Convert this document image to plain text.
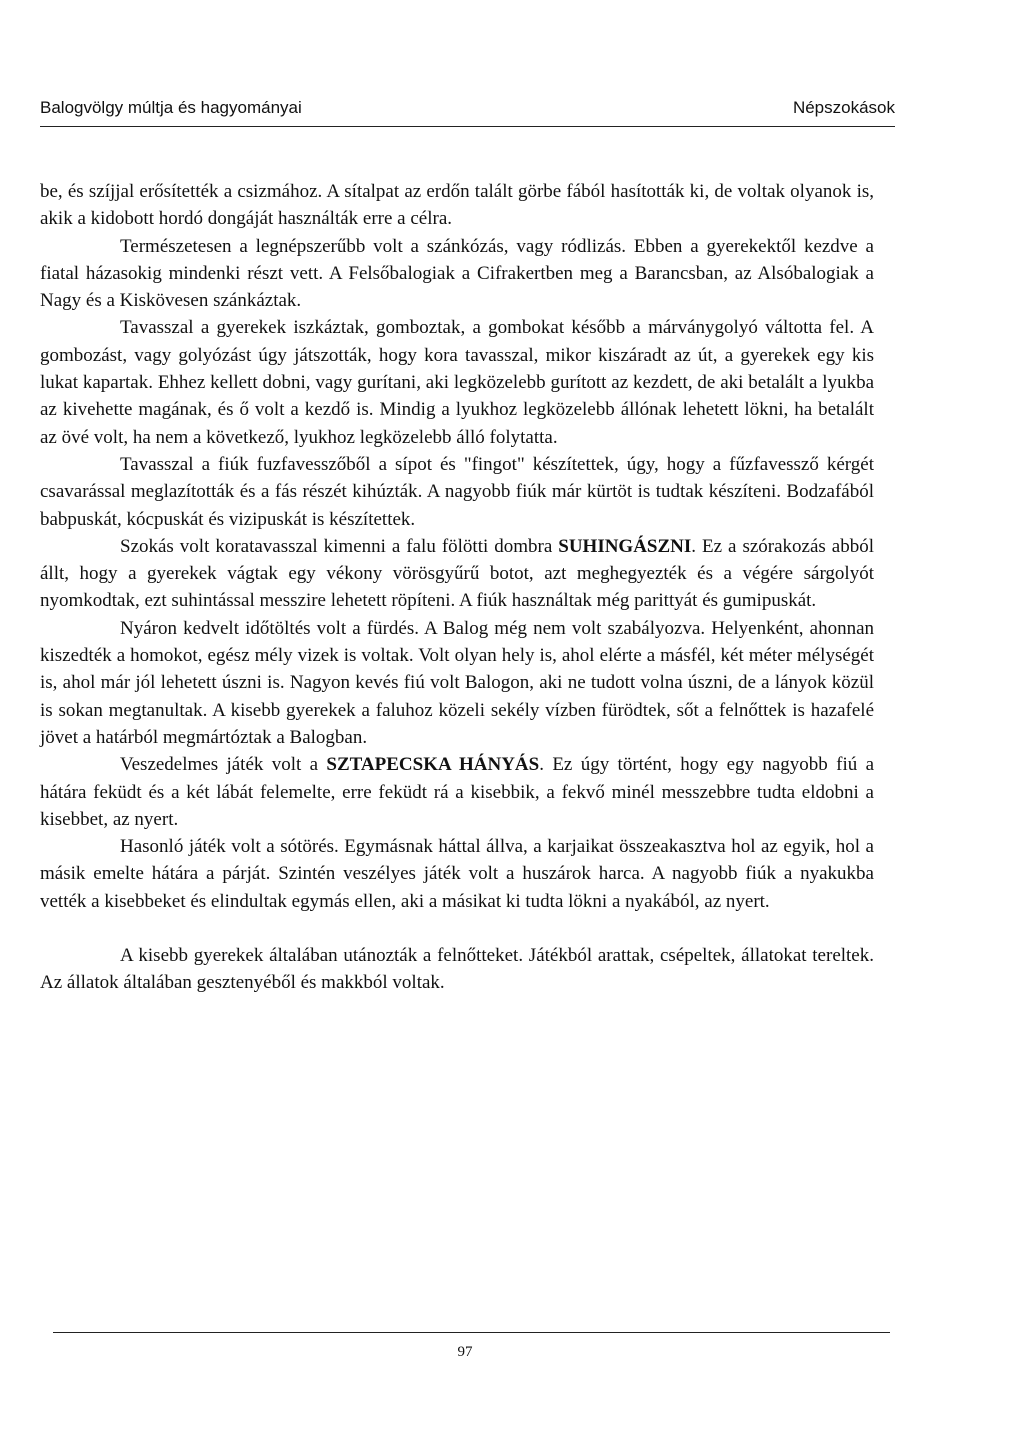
Balogvölgy múltja és hagyományai	Népszokások

be, és szíjjal erősítették a csizmához. A sítalpat az erdőn talált görbe fából hasították ki, de voltak olyanok is, akik a kidobott hordó dongáját használták erre a célra.

Természetesen a legnépszerűbb volt a szánkózás, vagy ródlizás. Ebben a gyerekektől kezdve a fiatal házasokig mindenki részt vett. A Felsőbalogiak a Cifrakertben meg a Barancsban, az Alsóbalogiak a Nagy és a Kiskövesen szánkáztak.

Tavasszal a gyerekek iszkáztak, gomboztak, a gombokat később a márványgolyó váltotta fel. A gombozást, vagy golyózást úgy játszották, hogy kora tavasszal, mikor kiszáradt az út, a gyerekek egy kis lukat kapartak. Ehhez kellett dobni, vagy gurítani, aki legközelebb gurított az kezdett, de aki betalált a lyukba az kivehette magának, és ő volt a kezdő is. Mindig a lyukhoz legközelebb állónak lehetett lökni, ha betalált az övé volt, ha nem a következő, lyukhoz legközelebb álló folytatta.

Tavasszal a fiúk fuzfavesszőből a sípot és "fingot" készítettek, úgy, hogy a fűzfavessző kérgét csavarással meglazították és a fás részét kihúzták. A nagyobb fiúk már kürtöt is tudtak készíteni. Bodzafából babpuskát, kócpuskát és vizipuskát is készítettek.

Szokás volt koratavasszal kimenni a falu fölötti dombra SUHINGÁSZNI. Ez a szórakozás abból állt, hogy a gyerekek vágtak egy vékony vörösgyűrű botot, azt meghegyezték és a végére sárgolyót nyomkodtak, ezt suhintással messzire lehetett röpíteni. A fiúk használtak még parittyát és gumipuskát.

Nyáron kedvelt időtöltés volt a fürdés. A Balog még nem volt szabályozva. Helyenként, ahonnan kiszedték a homokot, egész mély vizek is voltak. Volt olyan hely is, ahol elérte a másfél, két méter mélységét is, ahol már jól lehetett úszni is. Nagyon kevés fiú volt Balogon, aki ne tudott volna úszni, de a lányok közül is sokan megtanultak. A kisebb gyerekek a faluhoz közeli sekély vízben fürödtek, sőt a felnőttek is hazafelé jövet a határból megmártóztak a Balogban.

Veszedelmes játék volt a SZTAPECSKA HÁNYÁS. Ez úgy történt, hogy egy nagyobb fiú a hátára feküdt és a két lábát felemelte, erre feküdt rá a kisebbik, a fekvő minél messzebbre tudta eldobni a kisebbet, az nyert.

Hasonló játék volt a sótörés. Egymásnak háttal állva, a karjaikat összeakasztva hol az egyik, hol a másik emelte hátára a párját. Szintén veszélyes játék volt a huszárok harca. A nagyobb fiúk a nyakukba vették a kisebbeket és elindultak egymás ellen, aki a másikat ki tudta lökni a nyakából, az nyert.

A kisebb gyerekek általában utánozták a felnőtteket. Játékból arattak, csépeltek, állatokat tereltek. Az állatok általában gesztenyéből és makkból voltak.

97
